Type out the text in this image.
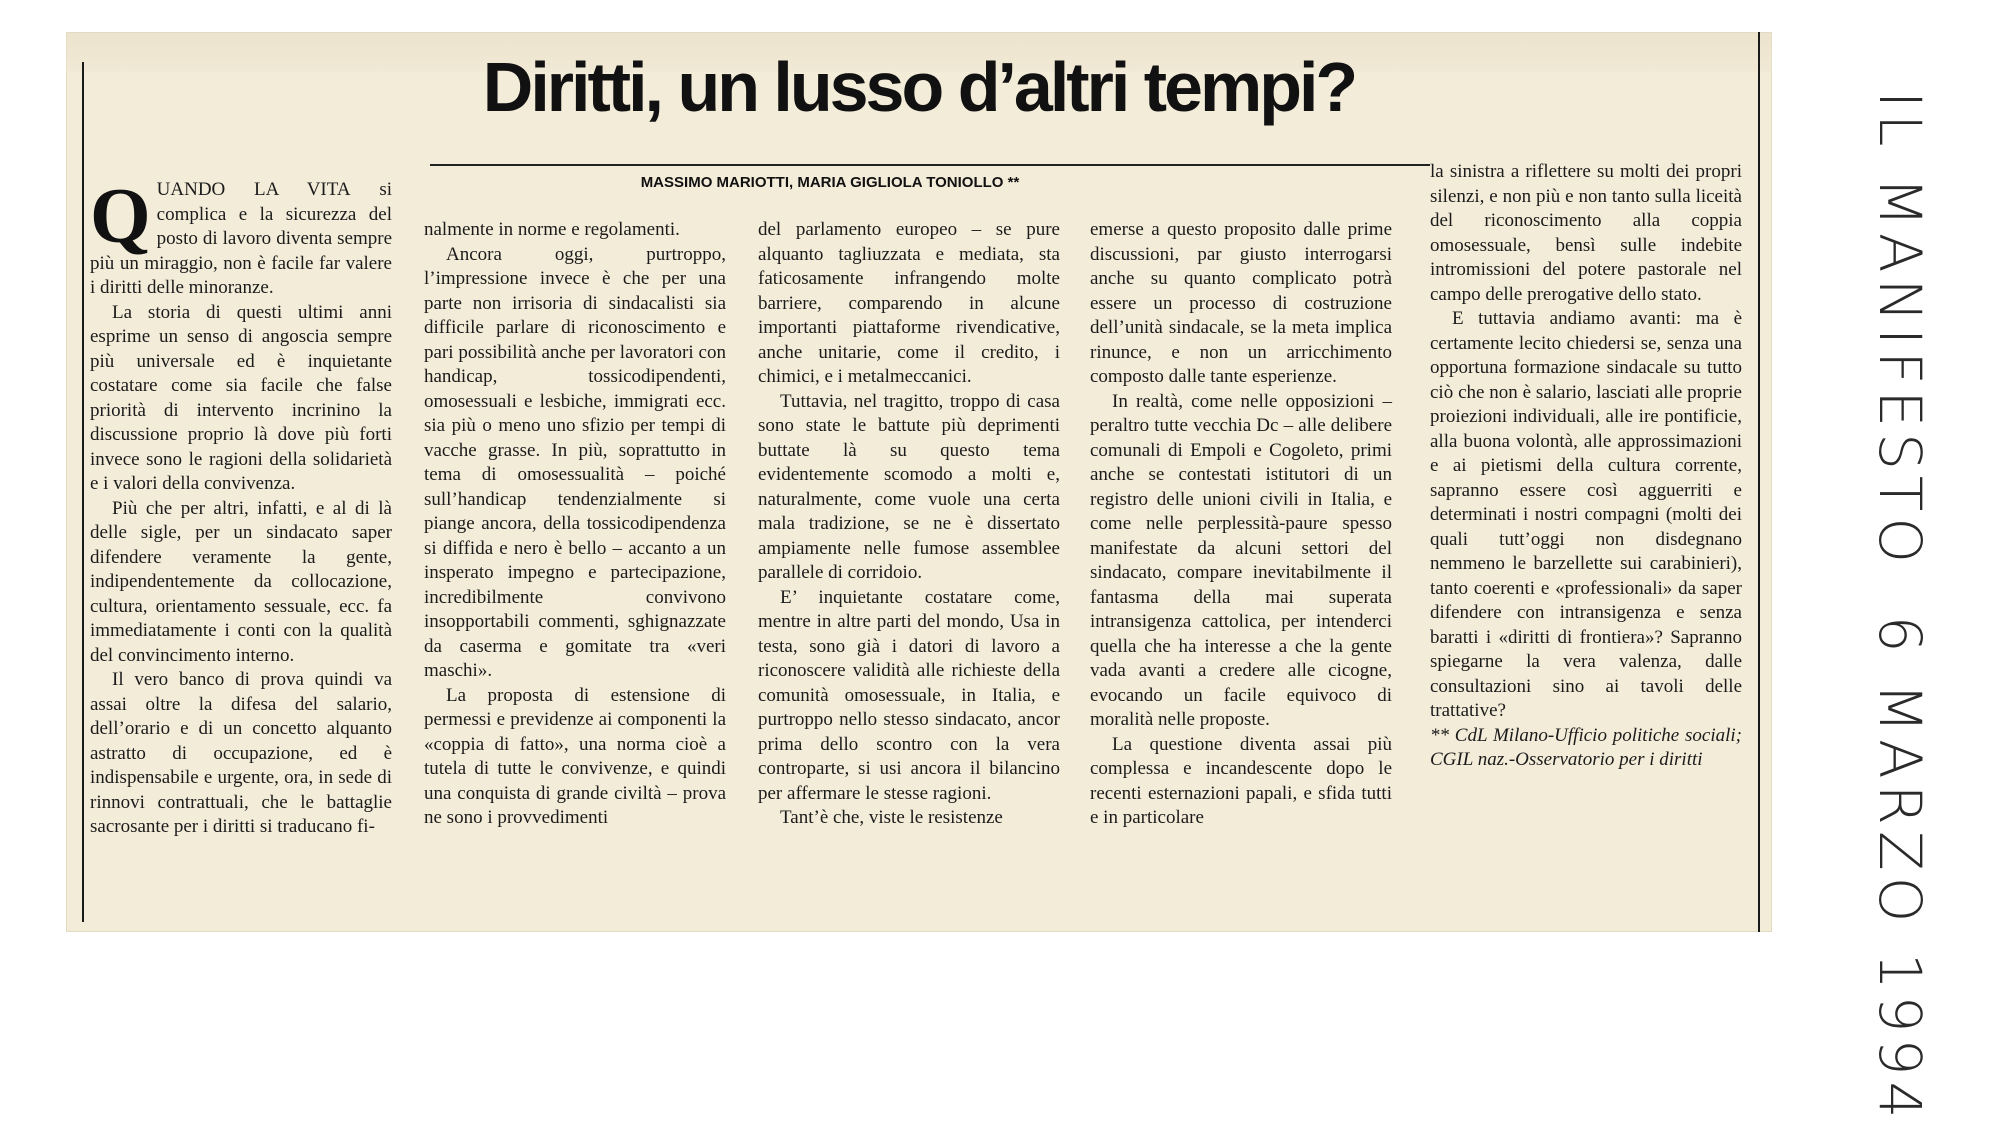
Diritti, un lusso d’altri tempi?
MASSIMO MARIOTTI, MARIA GIGLIOLA TONIOLLO **

QUANDO LA VITA si complica e la sicurezza del posto di lavoro diventa sempre più un miraggio, non è facile far valere i diritti delle minoranze.

La storia di questi ultimi anni esprime un senso di angoscia sempre più universale ed è inquietante costatare come sia facile che false priorità di intervento incrinino la discussione proprio là dove più forti invece sono le ragioni della solidarietà e i valori della convivenza.

Più che per altri, infatti, e al di là delle sigle, per un sindacato saper difendere veramente la gente, indipendentemente da collocazione, cultura, orientamento sessuale, ecc. fa immediatamente i conti con la qualità del convincimento interno.

Il vero banco di prova quindi va assai oltre la difesa del salario, dell’orario e di un concetto alquanto astratto di occupazione, ed è indispensabile e urgente, ora, in sede di rinnovi contrattuali, che le battaglie sacrosante per i diritti si traducano fi-

nalmente in norme e regolamenti.

Ancora oggi, purtroppo, l’impressione invece è che per una parte non irrisoria di sindacalisti sia difficile parlare di riconoscimento e pari possibilità anche per lavoratori con handicap, tossicodipendenti, omosessuali e lesbiche, immigrati ecc. sia più o meno uno sfizio per tempi di vacche grasse. In più, soprattutto in tema di omosessualità – poiché sull’handicap tendenzialmente si piange ancora, della tossicodipendenza si diffida e nero è bello – accanto a un insperato impegno e partecipazione, incredibilmente convivono insopportabili commenti, sghignazzate da caserma e gomitate tra «veri maschi».

La proposta di estensione di permessi e previdenze ai componenti la «coppia di fatto», una norma cioè a tutela di tutte le convivenze, e quindi una conquista di grande civiltà – prova ne sono i provvedimenti

del parlamento europeo – se pure alquanto tagliuzzata e mediata, sta faticosamente infrangendo molte barriere, comparendo in alcune importanti piattaforme rivendicative, anche unitarie, come il credito, i chimici, e i metalmeccanici.

Tuttavia, nel tragitto, troppo di casa sono state le battute più deprimenti buttate là su questo tema evidentemente scomodo a molti e, naturalmente, come vuole una certa mala tradizione, se ne è dissertato ampiamente nelle fumose assemblee parallele di corridoio.

E’ inquietante costatare come, mentre in altre parti del mondo, Usa in testa, sono già i datori di lavoro a riconoscere validità alle richieste della comunità omosessuale, in Italia, e purtroppo nello stesso sindacato, ancor prima dello scontro con la vera controparte, si usi ancora il bilancino per affermare le stesse ragioni.

Tant’è che, viste le resistenze

emerse a questo proposito dalle prime discussioni, par giusto interrogarsi anche su quanto complicato potrà essere un processo di costruzione dell’unità sindacale, se la meta implica rinunce, e non un arricchimento composto dalle tante esperienze.

In realtà, come nelle opposizioni – peraltro tutte vecchia Dc – alle delibere comunali di Empoli e Cogoleto, primi anche se contestati istitutori di un registro delle unioni civili in Italia, e come nelle perplessità-paure spesso manifestate da alcuni settori del sindacato, compare inevitabilmente il fantasma della mai superata intransigenza cattolica, per intenderci quella che ha interesse a che la gente vada avanti a credere alle cicogne, evocando un facile equivoco di moralità nelle proposte.

La questione diventa assai più complessa e incandescente dopo le recenti esternazioni papali, e sfida tutti e in particolare

la sinistra a riflettere su molti dei propri silenzi, e non più e non tanto sulla liceità del riconoscimento alla coppia omosessuale, bensì sulle indebite intromissioni del potere pastorale nel campo delle prerogative dello stato.

E tuttavia andiamo avanti: ma è certamente lecito chiedersi se, senza una opportuna formazione sindacale su tutto ciò che non è salario, lasciati alle proprie proiezioni individuali, alle ire pontificie, alla buona volontà, alle approssimazioni e ai pietismi della cultura corrente, sapranno essere così agguerriti e determinati i nostri compagni (molti dei quali tutt’oggi non disdegnano nemmeno le barzellette sui carabinieri), tanto coerenti e «professionali» da saper difendere con intransigenza e senza baratti i «diritti di frontiera»? Sapranno spiegarne la vera valenza, dalle consultazioni sino ai tavoli delle trattative?

** CdL Milano-Ufficio politiche sociali; CGIL naz.-Osservatorio per i diritti

IL MANIFESTO
6 MARZO 1994
